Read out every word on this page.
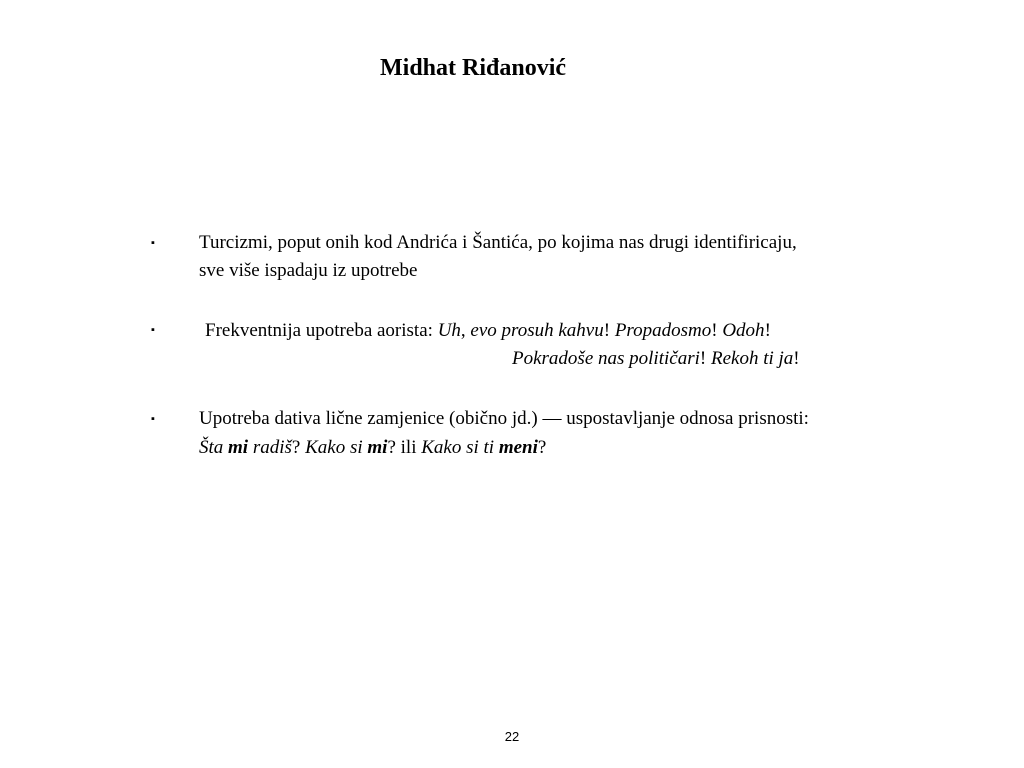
Midhat Riđanović
▪ Turcizmi, poput onih kod Andrića i Šantića, po kojima nas drugi identifiricaju,
sve više ispadaju iz upotrebe
▪	Frekventnija upotreba aorista: Uh, evo prosuh kahvu! Propadosmo! Odoh!
Pokradoše nas političari! Rekoh ti ja!
▪ Upotreba dativa lične zamjenice (obično jd.) — uspostavljanje odnosa prisnosti:
Šta mi radiš? Kako si mi? ili Kako si ti meni?
22
